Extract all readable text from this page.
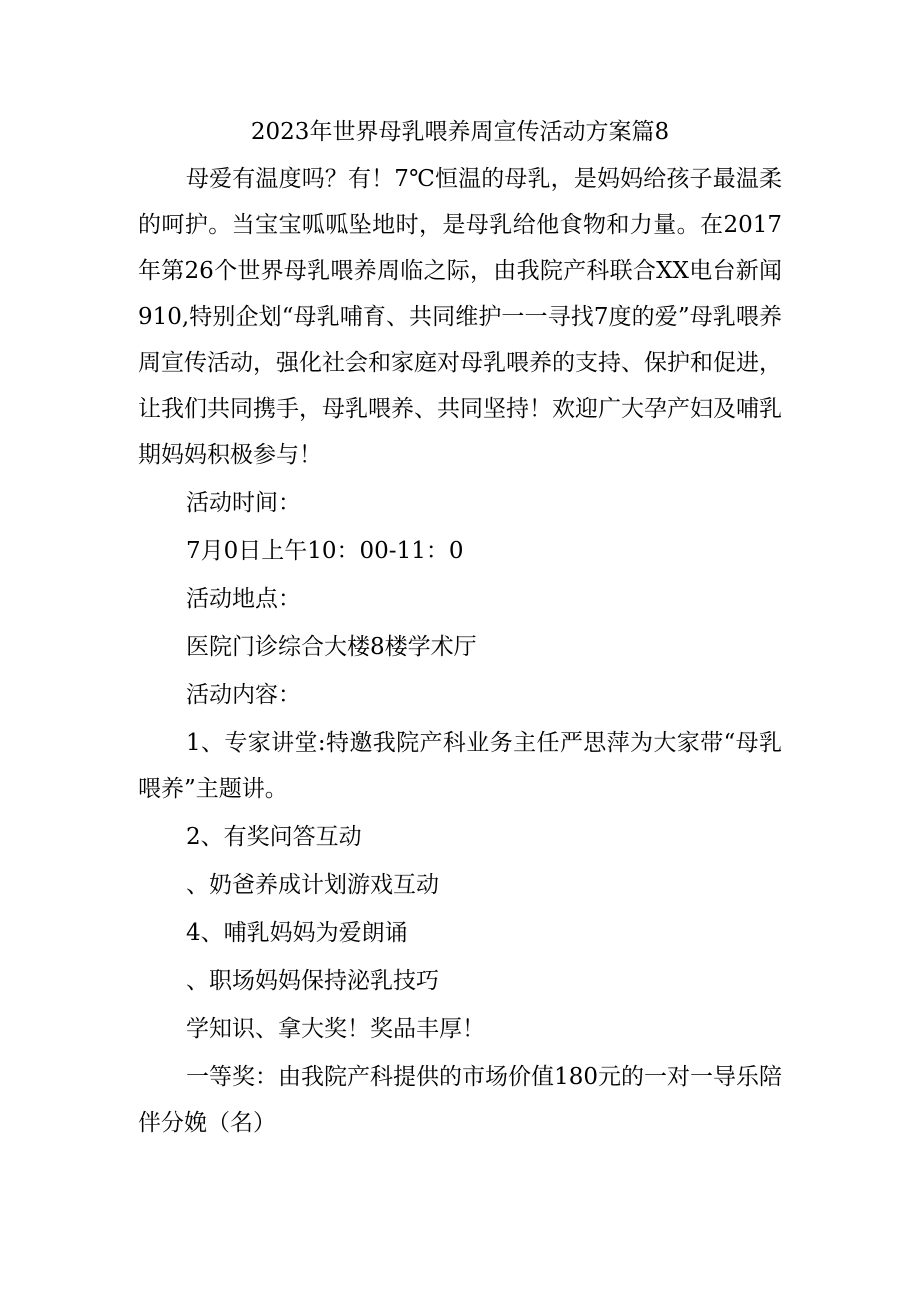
2023年世界母乳喂养周宣传活动方案篇8

母爱有温度吗？有！7℃恒温的母乳，是妈妈给孩子最温柔的呵护。当宝宝呱呱坠地时，是母乳给他食物和力量。在2017年第26个世界母乳喂养周临之际，由我院产科联合XX电台新闻910,特别企划“母乳哺育、共同维护一一寻找7度的爱”母乳喂养周宣传活动，强化社会和家庭对母乳喂养的支持、保护和促进，让我们共同携手，母乳喂养、共同坚持！欢迎广大孕产妇及哺乳期妈妈积极参与！

活动时间：

7月0日上午10：00-11：0

活动地点：

医院门诊综合大楼8楼学术厅

活动内容：

1、专家讲堂:特邀我院产科业务主任严思萍为大家带“母乳喂养”主题讲。

2、有奖问答互动

、奶爸养成计划游戏互动

4、哺乳妈妈为爱朗诵

、职场妈妈保持泌乳技巧

学知识、拿大奖！奖品丰厚！

一等奖：由我院产科提供的市场价值180元的一对一导乐陪伴分娩（名）
